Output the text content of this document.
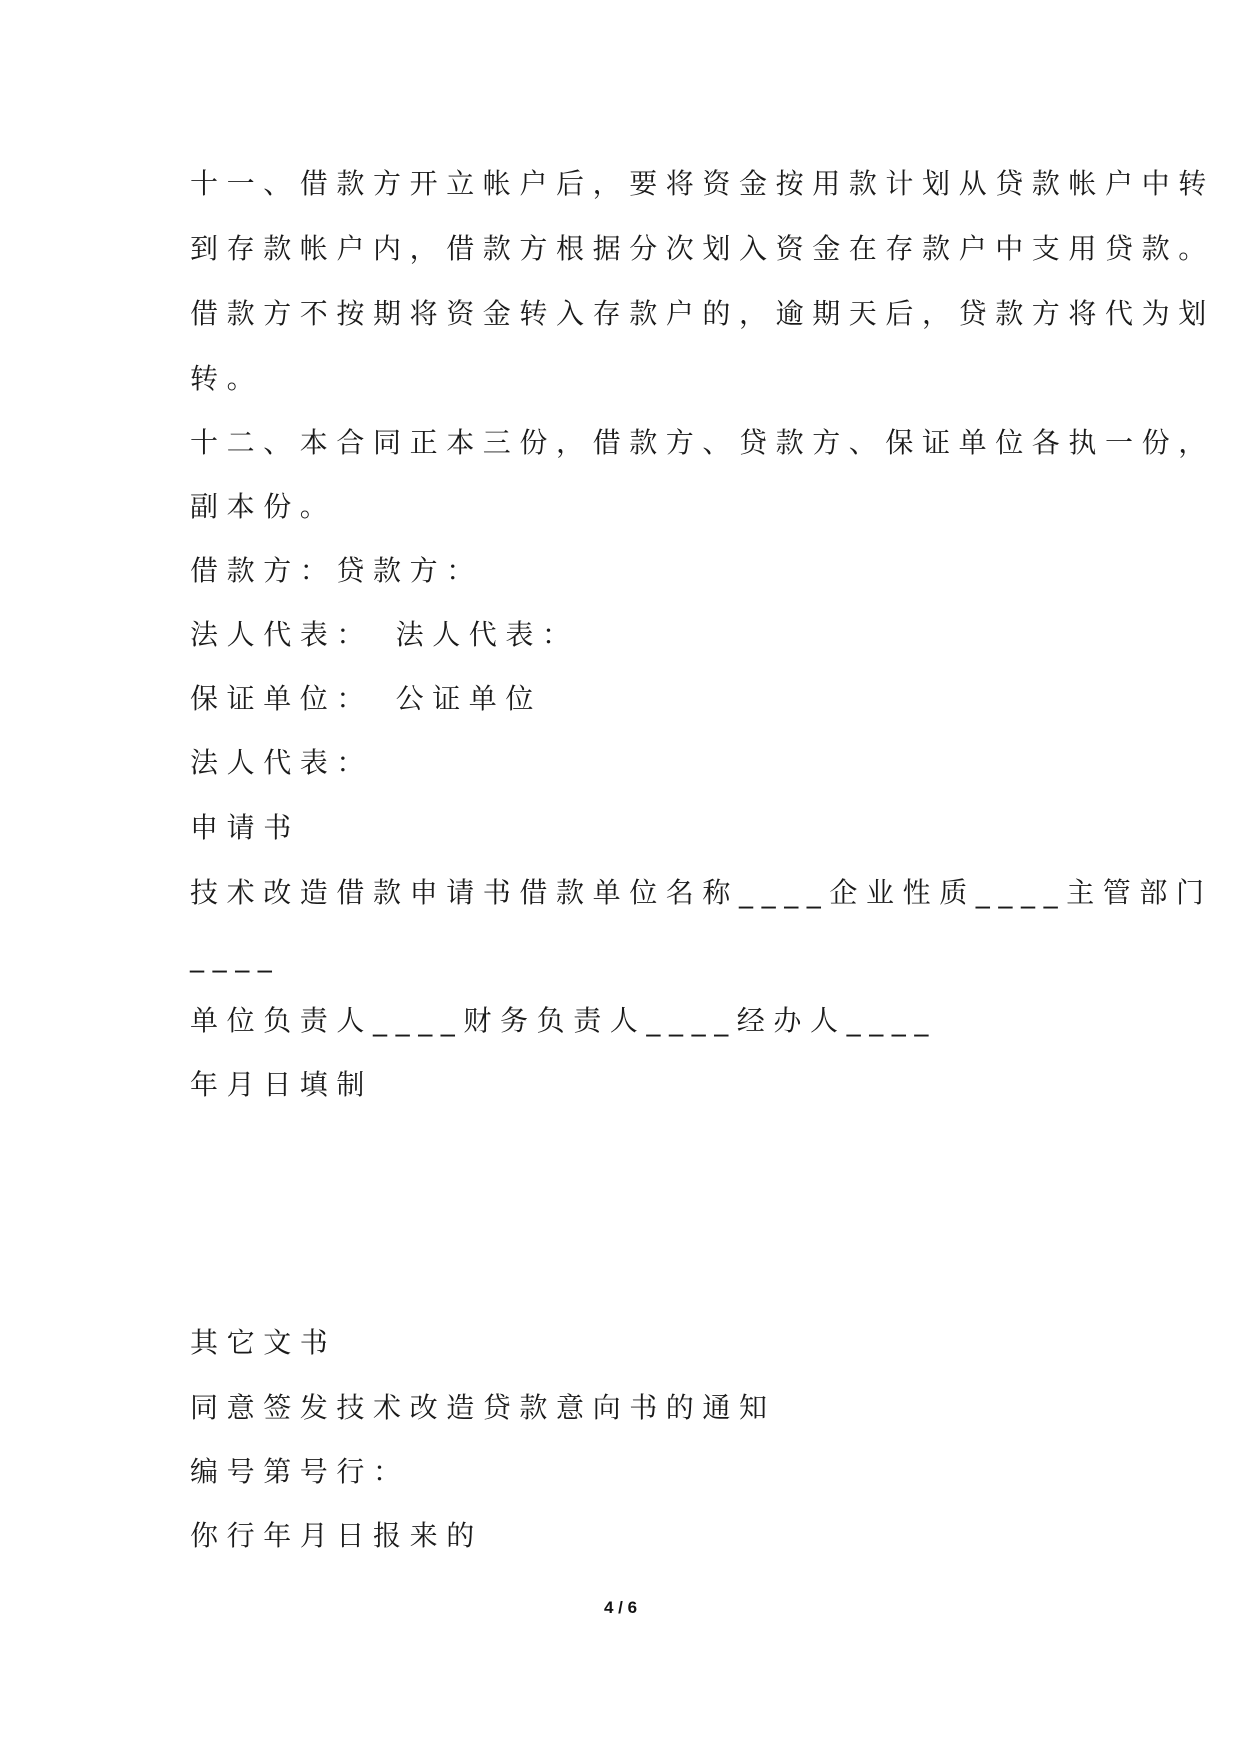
十一、借款方开立帐户后，要将资金按用款计划从贷款帐户中转
到存款帐户内，借款方根据分次划入资金在存款户中支用贷款。
借款方不按期将资金转入存款户的，逾期天后，贷款方将代为划
转。
十二、本合同正本三份，借款方、贷款方、保证单位各执一份，
副本份。
借款方：贷款方：
法人代表：　法人代表：
保证单位：　公证单位
法人代表：
申请书
技术改造借款申请书借款单位名称____企业性质____主管部门
____
单位负责人____财务负责人____经办人____
年月日填制
其它文书
同意签发技术改造贷款意向书的通知
编号第号行：
你行年月日报来的
4 / 6
